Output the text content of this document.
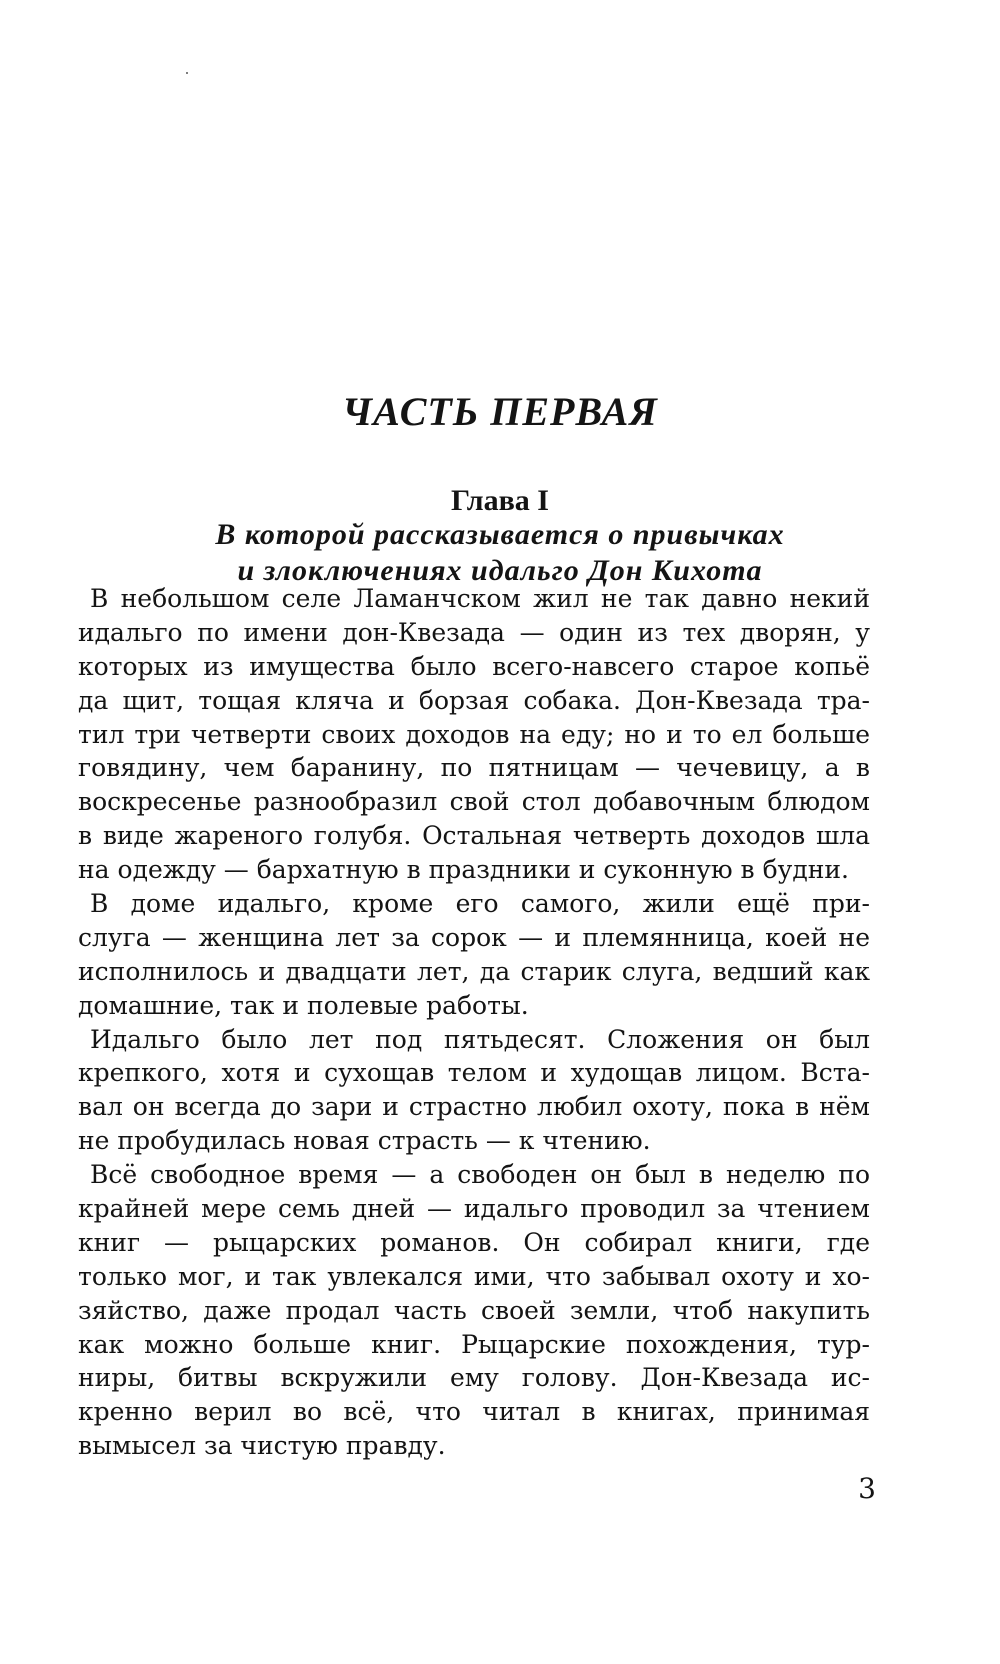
ЧАСТЬ ПЕРВАЯ
Глава I
В которой рассказывается о привычках
и злоключениях идальго Дон Кихота

В небольшом селе Ламанчском жил не так давно некий
идальго по имени дон-Квезада — один из тех дворян, у
которых из имущества было всего-навсего старое копьё
да щит, тощая кляча и борзая собака. Дон-Квезада тра-
тил три четверти своих доходов на еду; но и то ел больше
говядину, чем баранину, по пятницам — чечевицу, а в
воскресенье разнообразил свой стол добавочным блюдом
в виде жареного голубя. Остальная четверть доходов шла
на одежду — бархатную в праздники и суконную в будни.

В доме идальго, кроме его самого, жили ещё при-
слуга — женщина лет за сорок — и племянница, коей не
исполнилось и двадцати лет, да старик слуга, ведший как
домашние, так и полевые работы.

Идальго было лет под пятьдесят. Сложения он был
крепкого, хотя и сухощав телом и худощав лицом. Вста-
вал он всегда до зари и страстно любил охоту, пока в нём
не пробудилась новая страсть — к чтению.

Всё свободное время — а свободен он был в неделю по
крайней мере семь дней — идальго проводил за чтением
книг — рыцарских романов. Он собирал книги, где
только мог, и так увлекался ими, что забывал охоту и хо-
зяйство, даже продал часть своей земли, чтоб накупить
как можно больше книг. Рыцарские похождения, тур-
ниры, битвы вскружили ему голову. Дон-Квезада ис-
кренно верил во всё, что читал в книгах, принимая
вымысел за чистую правду.

3
